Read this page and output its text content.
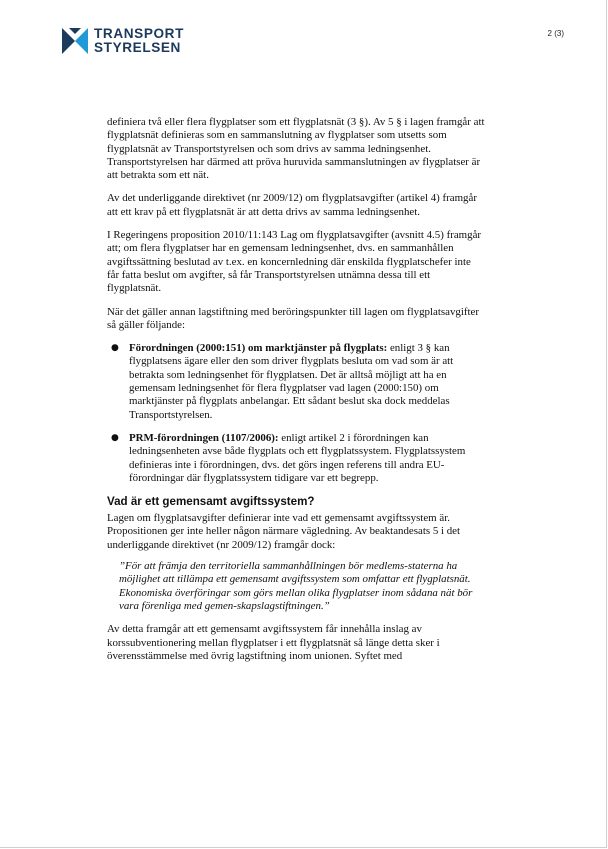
TRANSPORT
STYRELSEN
2 (3)

definiera två eller flera flygplatser som ett flygplatsnät (3 §). Av 5 § i lagen framgår att flygplatsnät definieras som en sammanslutning av flygplatser som utsetts som flygplatsnät av Transportstyrelsen och som drivs av samma ledningsenhet. Transportstyrelsen har därmed att pröva huruvida sammanslutningen av flygplatser är att betrakta som ett nät.

Av det underliggande direktivet (nr 2009/12) om flygplatsavgifter (artikel 4) framgår att ett krav på ett flygplatsnät är att detta drivs av samma ledningsenhet.

I Regeringens proposition 2010/11:143 Lag om flygplatsavgifter (avsnitt 4.5) framgår att; om flera flygplatser har en gemensam ledningsenhet, dvs. en sammanhållen avgiftssättning beslutad av t.ex. en koncernledning där enskilda flygplatschefer inte får fatta beslut om avgifter, så får Transportstyrelsen utnämna dessa till ett flygplatsnät.

När det gäller annan lagstiftning med beröringspunkter till lagen om flygplatsavgifter så gäller följande:

● Förordningen (2000:151) om marktjänster på flygplats: enligt 3 § kan flygplatsens ägare eller den som driver flygplats besluta om vad som är att betrakta som ledningsenhet för flygplatsen. Det är alltså möjligt att ha en gemensam ledningsenhet för flera flygplatser vad lagen (2000:150) om marktjänster på flygplats anbelangar. Ett sådant beslut ska dock meddelas Transportstyrelsen.
● PRM-förordningen (1107/2006): enligt artikel 2 i förordningen kan ledningsenheten avse både flygplats och ett flygplatssystem. Flygplatssystem definieras inte i förordningen, dvs. det görs ingen referens till andra EU-förordningar där flygplatssystem tidigare var ett begrepp.
Vad är ett gemensamt avgiftssystem?

Lagen om flygplatsavgifter definierar inte vad ett gemensamt avgiftssystem är. Propositionen ger inte heller någon närmare vägledning. Av beaktandesats 5 i det underliggande direktivet (nr 2009/12) framgår dock:

”För att främja den territoriella sammanhållningen bör medlems-staterna ha möjlighet att tillämpa ett gemensamt avgiftssystem som omfattar ett flygplatsnät. Ekonomiska överföringar som görs mellan olika flygplatser inom sådana nät bör vara förenliga med gemen-skapslagstiftningen.”

Av detta framgår att ett gemensamt avgiftssystem får innehålla inslag av korssubventionering mellan flygplatser i ett flygplatsnät så länge detta sker i överensstämmelse med övrig lagstiftning inom unionen. Syftet med
